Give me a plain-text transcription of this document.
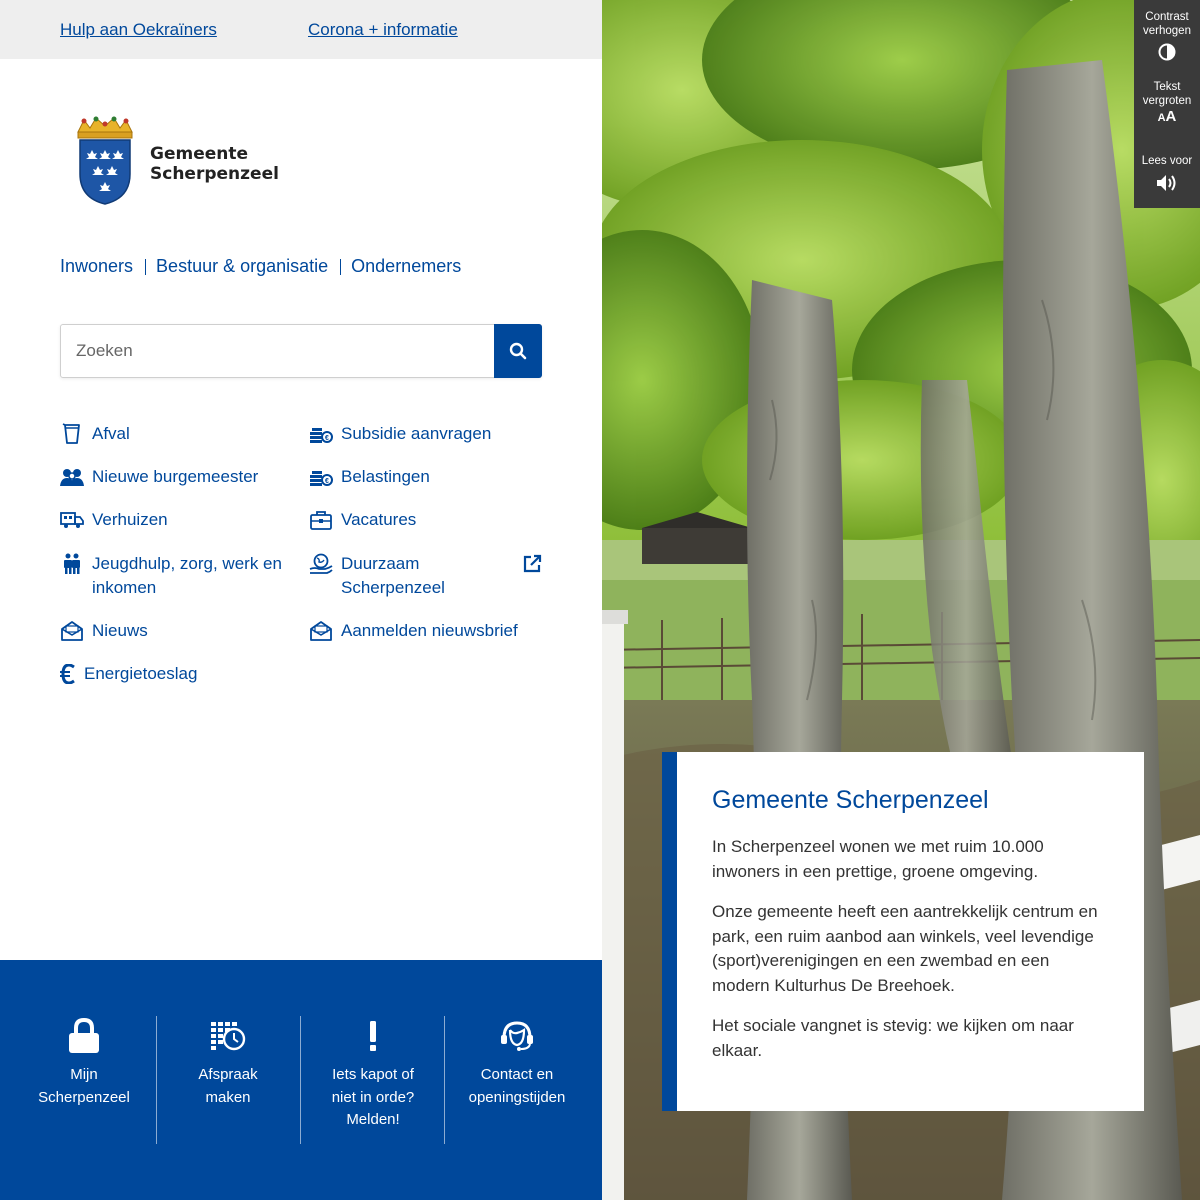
Hulp aan Oekraïners	Corona + informatie
Gemeente
Scherpenzeel
Inwoners Bestuur & organisatie Ondernemers
Zoeken
Afval
Nieuwe burgemeester
Verhuizen
Jeugdhulp, zorg, werk en
inkomen
Nieuws
Energietoeslag
€ Subsidie aanvragen
€ Belastingen
Vacatures
Duurzaam
Scherpenzeel
Aanmelden nieuwsbrief
Mijn
Scherpenzeel
Afspraak
maken
Iets kapot of
niet in orde?
Melden!
Contact en
openingstijden
Contrast
verhogen
Tekst
vergroten
AA
Lees voor
Gemeente Scherpenzeel

In Scherpenzeel wonen we met ruim 10.000 inwoners in een prettige, groene omgeving.

Onze gemeente heeft een aantrekkelijk centrum en park, een ruim aanbod aan winkels, veel levendige (sport)verenigingen en een zwembad en een modern Kulturhus De Breehoek.

Het sociale vangnet is stevig: we kijken om naar elkaar.
